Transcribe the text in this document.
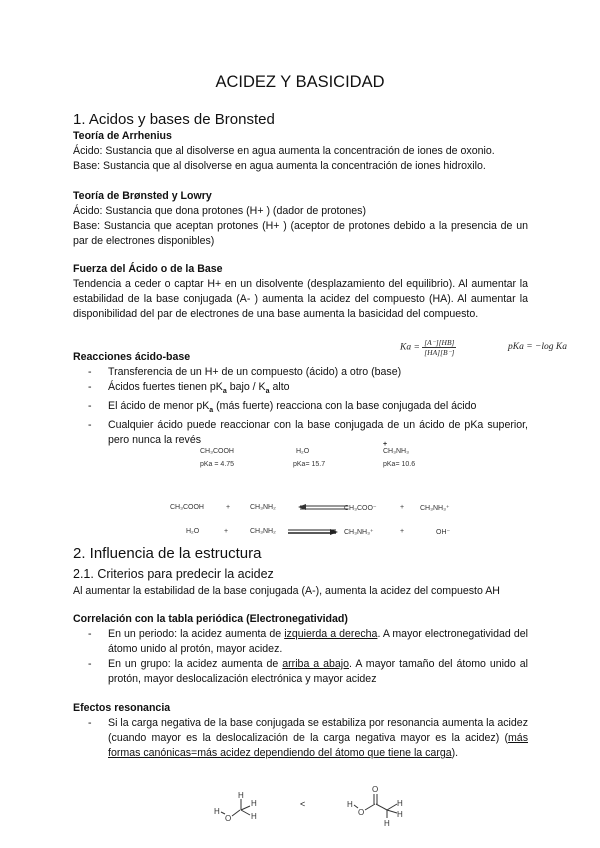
ACIDEZ Y BASICIDAD
1. Acidos y bases de Bronsted
Teoría de Arrhenius
Ácido: Sustancia que al disolverse en agua aumenta la concentración de iones de oxonio.
Base: Sustancia que al disolverse en agua aumenta la concentración de iones hidroxilo.
Teoría de Brønsted y Lowry
Ácido: Sustancia que dona protones (H+ ) (dador de protones)
Base: Sustancia que aceptan protones (H+ ) (aceptor de protones debido a la presencia de un par de electrones disponibles)
Fuerza del Ácido o de la Base
Tendencia a ceder o captar H+ en un disolvente (desplazamiento del equilibrio). Al aumentar la estabilidad de la base conjugada (A- ) aumenta la acidez del compuesto (HA). Al aumentar la disponibilidad del par de electrones de una base aumenta la basicidad del compuesto.
$Ka = \frac{[A^-][HB]}{[HA][B^-]}$	pKa = −log Ka
Reacciones ácido-base
- Transferencia de un H+ de un compuesto (ácido) a otro (base)
- Ácidos fuertes tienen $pK_a$ bajo / $K_a$ alto
- El ácido de menor $pK_a$ (más fuerte) reacciona con la base conjugada del ácido
- Cualquier ácido puede reaccionar con la base conjugada de un ácido de pKa superior, pero nunca la revés
CH₃COOH
pKa = 4.75
H₂O
pKa= 15.7
+
CH₃NH₃
pKa= 10.6
CH₃COOH	+	CH₃NH₂	CH₃COO⁻	+ CH₃NH₃⁺
H₂O	+	CH₃NH₂	CH₃NH₃⁺	+	OH⁻
2. Influencia de la estructura
2.1. Criterios para predecir la acidez
Al aumentar la estabilidad de la base conjugada (A-), aumenta la acidez del compuesto AH
Correlación con la tabla periódica (Electronegatividad)
- En un periodo: la acidez aumenta de izquierda a derecha. A mayor electronegatividad del átomo unido al protón, mayor acidez.
- En un grupo: la acidez aumenta de arriba a abajo. A mayor tamaño del átomo unido al protón, mayor deslocalización electrónica y mayor acidez
Efectos resonancia
- Si la carga negativa de la base conjugada se estabiliza por resonancia aumenta la acidez (cuando mayor es la deslocalización de la carga negativa mayor es la acidez) (más formas canónicas=más acidez dependiendo del átomo que tiene la carga).
H
O
H
H
H
<	H
O
O
H
H
H
